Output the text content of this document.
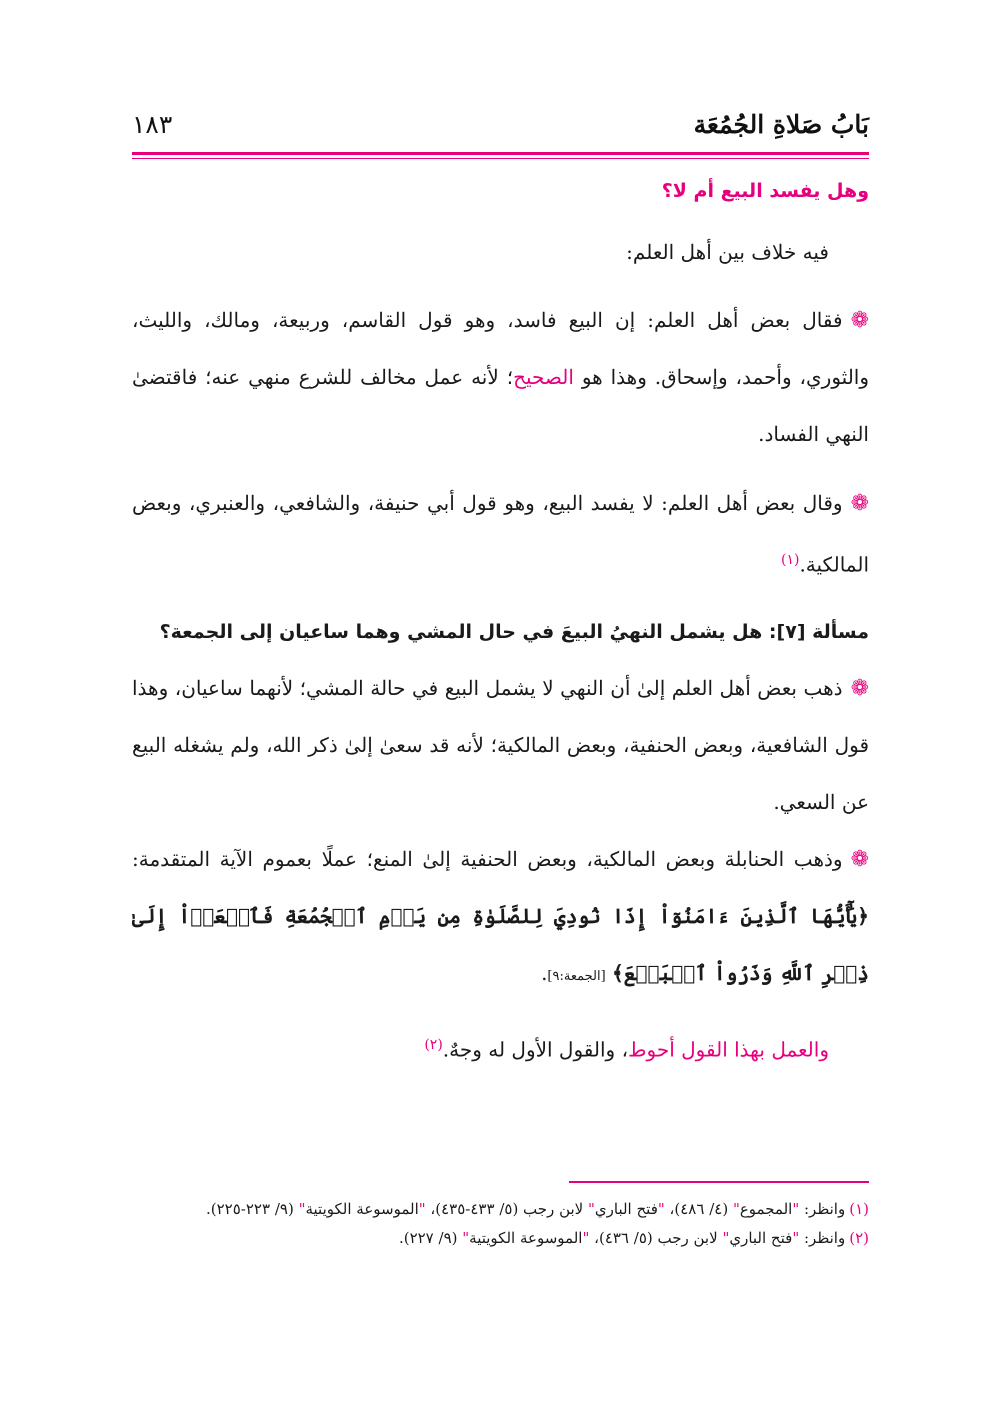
بَابُ صَلاةِ الجُمُعَة
١٨٣

وهل يفسد البيع أم لا؟

فيه خلاف بين أهل العلم:

❁فقال بعض أهل العلم: إن البيع فاسد، وهو قول القاسم، وربيعة، ومالك، والليث، والثوري، وأحمد، وإسحاق. وهذا هو الصحيح؛ لأنه عمل مخالف للشرع منهي عنه؛ فاقتضىٰ النهي الفساد.

❁وقال بعض أهل العلم: لا يفسد البيع، وهو قول أبي حنيفة، والشافعي، والعنبري، وبعض المالكية.$^{(١)}$

مسألة [٧]: هل يشمل النهيُ البيعَ في حال المشي وهما ساعيان إلى الجمعة؟

❁ذهب بعض أهل العلم إلىٰ أن النهي لا يشمل البيع في حالة المشي؛ لأنهما ساعيان، وهذا قول الشافعية، وبعض الحنفية، وبعض المالكية؛ لأنه قد سعىٰ إلىٰ ذكر الله، ولم يشغله البيع عن السعي.

❁وذهب الحنابلة وبعض المالكية، وبعض الحنفية إلىٰ المنع؛ عملًا بعموم الآية المتقدمة: ﴿يَٰٓأَيُّهَا ٱلَّذِينَ ءَامَنُوٓاْ إِذَا نُودِيَ لِلصَّلَوٰةِ مِن يَوۡمِ ٱلۡجُمُعَةِ فَٱسۡعَوۡاْ إِلَىٰ ذِكۡرِ ٱللَّهِ وَذَرُواْ ٱلۡبَيۡعَ﴾ [الجمعة:٩].

والعمل بهذا القول أحوط، والقول الأول له وجهٌ.$^{(٢)}$

(١)وانظر: "المجموع" (٤/ ٤٨٦)، "فتح الباري" لابن رجب (٥/ ٤٣٣-٤٣٥)، "الموسوعة الكويتية" (٩/ ٢٢٣-٢٢٥).
(٢)وانظر: "فتح الباري" لابن رجب (٥/ ٤٣٦)، "الموسوعة الكويتية" (٩/ ٢٢٧).
